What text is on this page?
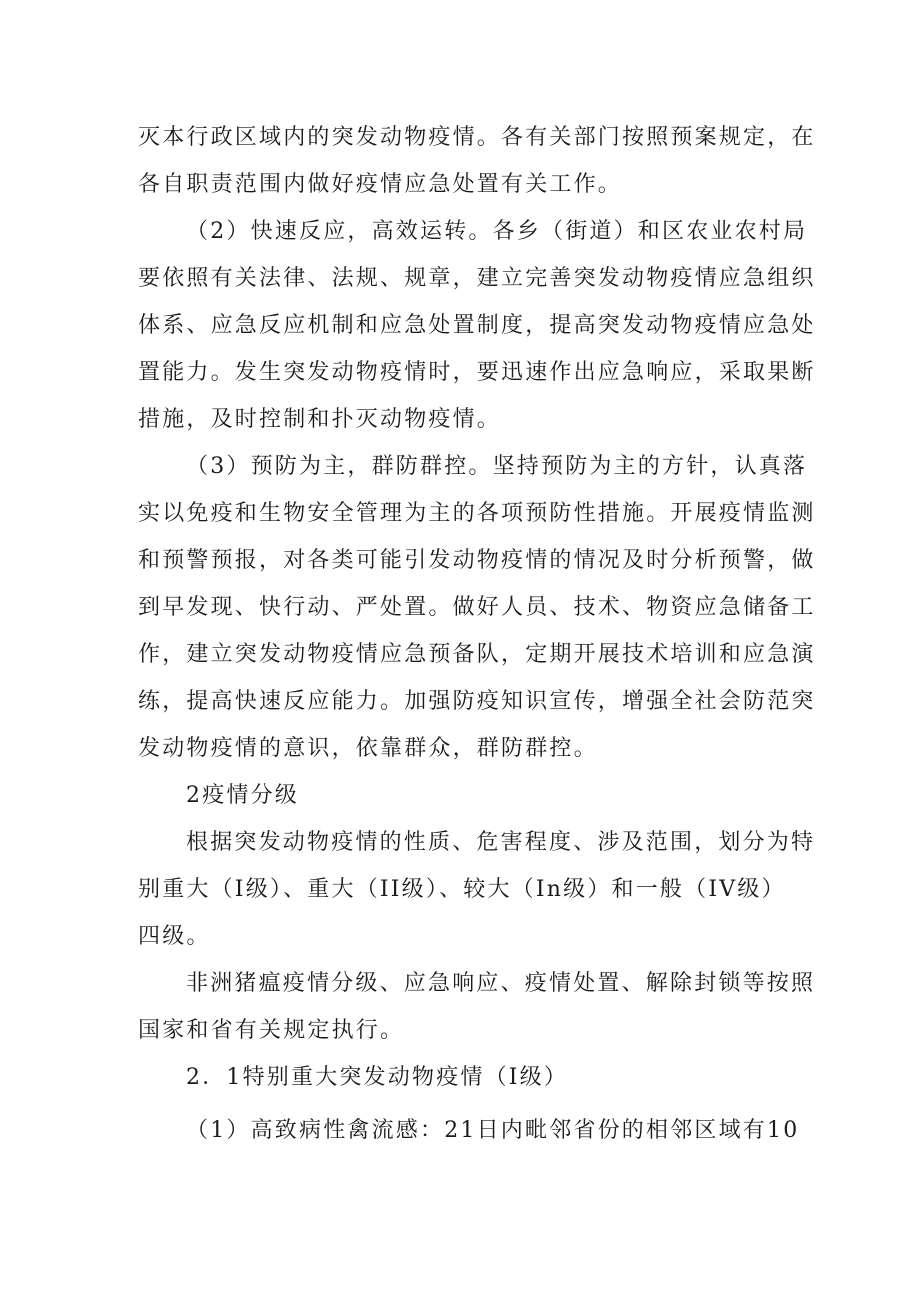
灭本行政区域内的突发动物疫情。各有关部门按照预案规定，在

各自职责范围内做好疫情应急处置有关工作。

（2）快速反应，高效运转。各乡（街道）和区农业农村局

要依照有关法律、法规、规章，建立完善突发动物疫情应急组织

体系、应急反应机制和应急处置制度，提高突发动物疫情应急处

置能力。发生突发动物疫情时，要迅速作出应急响应，采取果断

措施，及时控制和扑灭动物疫情。

（3）预防为主，群防群控。坚持预防为主的方针，认真落

实以免疫和生物安全管理为主的各项预防性措施。开展疫情监测

和预警预报，对各类可能引发动物疫情的情况及时分析预警，做

到早发现、快行动、严处置。做好人员、技术、物资应急储备工

作，建立突发动物疫情应急预备队，定期开展技术培训和应急演

练，提高快速反应能力。加强防疫知识宣传，增强全社会防范突

发动物疫情的意识，依靠群众，群防群控。

2疫情分级

根据突发动物疫情的性质、危害程度、涉及范围，划分为特

别重大（I级）、重大（II级）、较大（In级）和一般（IV级）

四级。

非洲猪瘟疫情分级、应急响应、疫情处置、解除封锁等按照

国家和省有关规定执行。

2．1特别重大突发动物疫情（I级）

（1）高致病性禽流感：21日内毗邻省份的相邻区域有10
